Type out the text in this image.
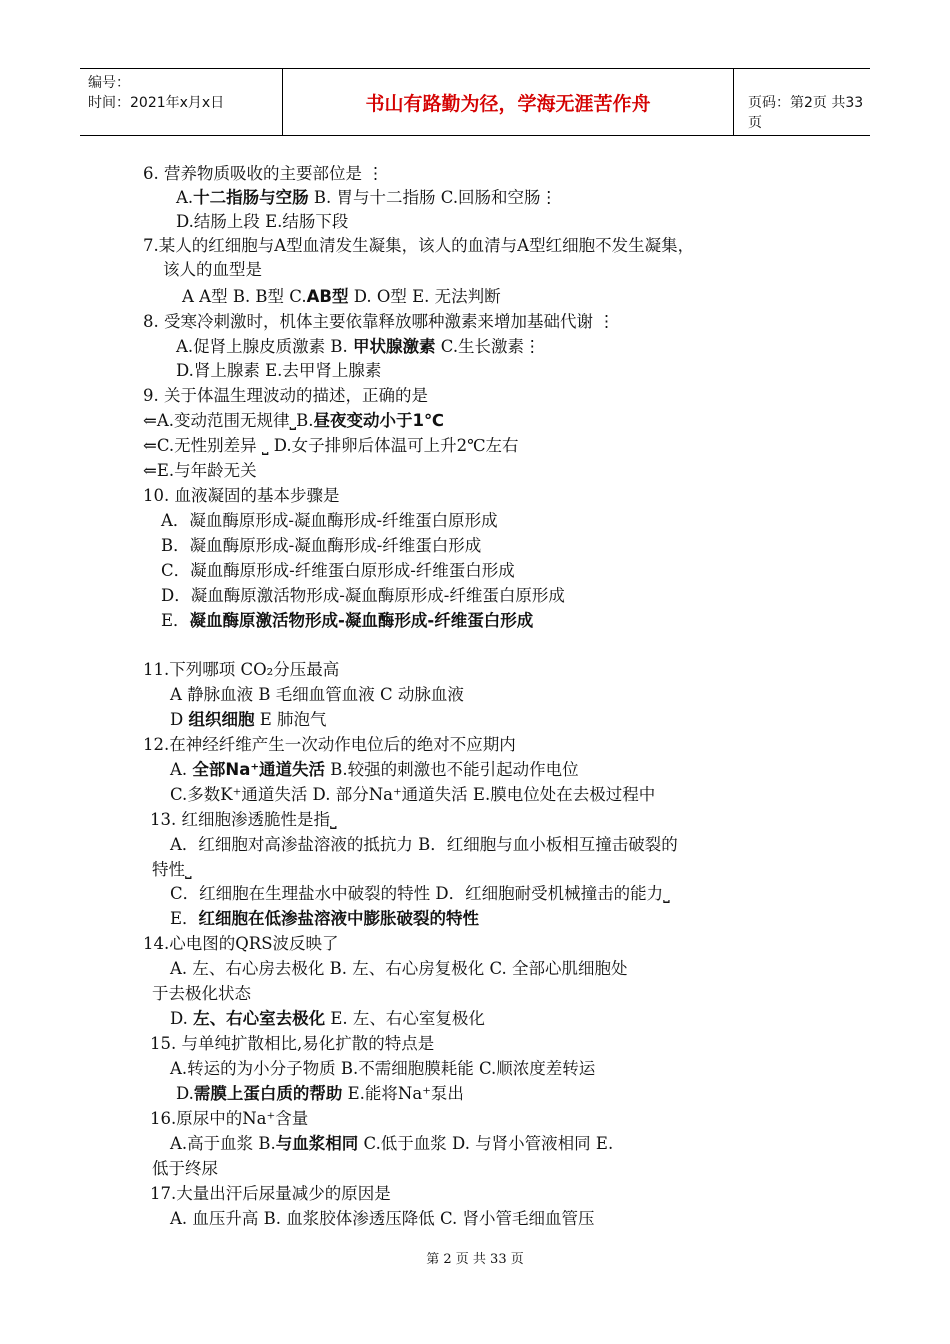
编号：
时间：2021年x月x日	书山有路勤为径，学海无涯苦作舟	页码：第2页 共33页
6. 营养物质吸收的主要部位是 ⋮
A.十二指肠与空肠 B. 胃与十二指肠 C.回肠和空肠⋮
D.结肠上段 E.结肠下段
7.某人的红细胞与A型血清发生凝集，该人的血清与A型红细胞不发生凝集，
该人的血型是
A A型 B. B型 C.AB型 D. O型 E. 无法判断
8. 受寒冷刺激时，机体主要依靠释放哪种激素来增加基础代谢 ⋮
A.促肾上腺皮质激素 B. 甲状腺激素 C.生长激素⋮
D.肾上腺素 E.去甲肾上腺素
9. 关于体温生理波动的描述，正确的是
⇐A.变动范围无规律⎵B.昼夜变动小于1℃
⇐C.无性别差异 ⎵ D.女子排卵后体温可上升2℃左右
⇐E.与年龄无关
10. 血液凝固的基本步骤是
A．凝血酶原形成-凝血酶形成-纤维蛋白原形成
B．凝血酶原形成-凝血酶形成-纤维蛋白形成
C．凝血酶原形成-纤维蛋白原形成-纤维蛋白形成
D．凝血酶原激活物形成-凝血酶原形成-纤维蛋白原形成
E．凝血酶原激活物形成-凝血酶形成-纤维蛋白形成
11.下列哪项 CO₂分压最高
A 静脉血液 B 毛细血管血液 C 动脉血液
D 组织细胞 E 肺泡气
12.在神经纤维产生一次动作电位后的绝对不应期内
A. 全部Na⁺通道失活 B.较强的刺激也不能引起动作电位
C.多数K⁺通道失活 D. 部分Na⁺通道失活 E.膜电位处在去极过程中
13. 红细胞渗透脆性是指⎵
A．红细胞对高渗盐溶液的抵抗力 B．红细胞与血小板相互撞击破裂的
特性⎵
C．红细胞在生理盐水中破裂的特性 D．红细胞耐受机械撞击的能力⎵
E．红细胞在低渗盐溶液中膨胀破裂的特性
14.心电图的QRS波反映了
A. 左、右心房去极化 B. 左、右心房复极化 C. 全部心肌细胞处
于去极化状态
D. 左、右心室去极化 E. 左、右心室复极化
15. 与单纯扩散相比,易化扩散的特点是
A.转运的为小分子物质 B.不需细胞膜耗能 C.顺浓度差转运
D.需膜上蛋白质的帮助 E.能将Na⁺泵出
16.原尿中的Na⁺含量
A.高于血浆 B.与血浆相同 C.低于血浆 D. 与肾小管液相同 E.
低于终尿
17.大量出汗后尿量减少的原因是
A. 血压升高 B. 血浆胶体渗透压降低 C. 肾小管毛细血管压
第 2 页 共 33 页
